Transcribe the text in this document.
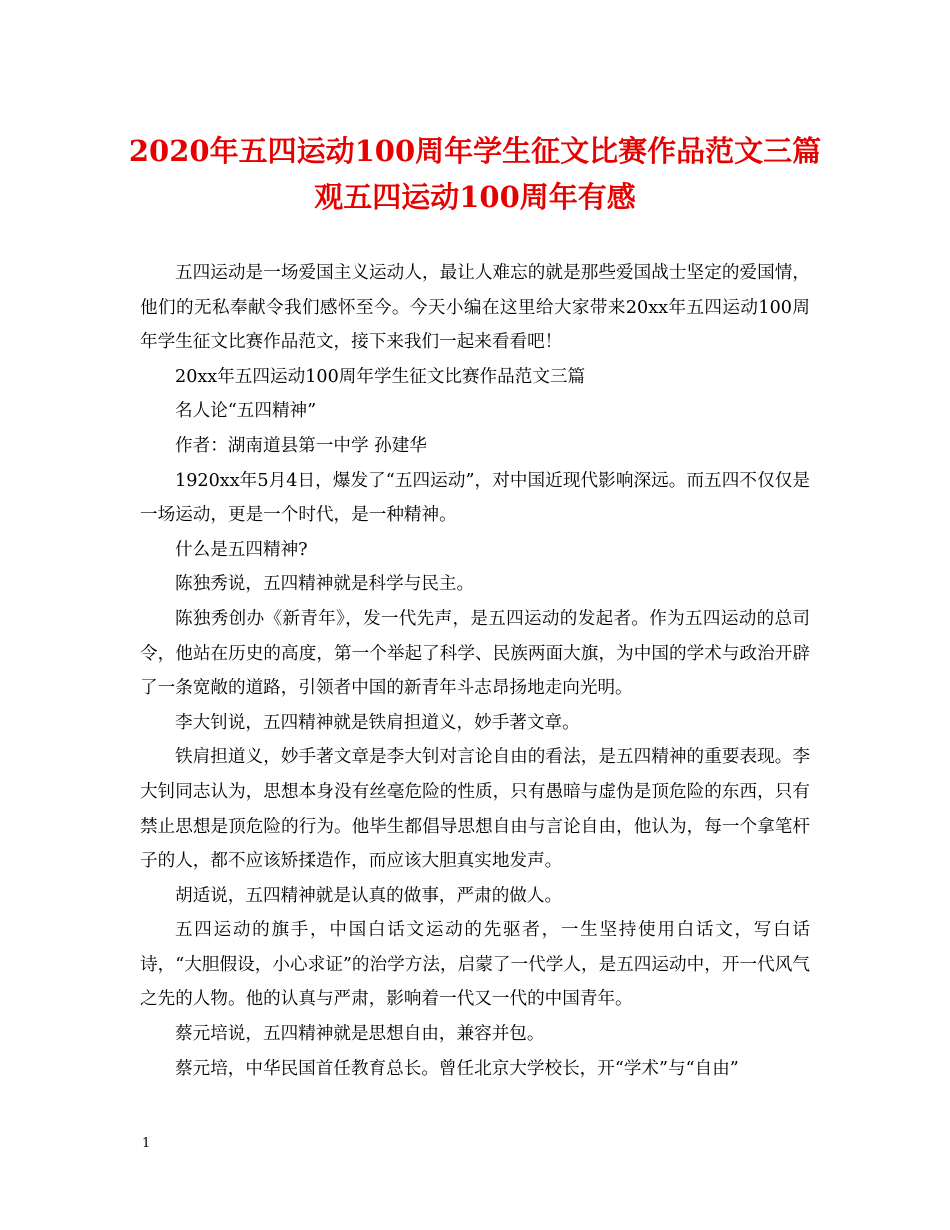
2020年五四运动100周年学生征文比赛作品范文三篇
观五四运动100周年有感

五四运动是一场爱国主义运动人，最让人难忘的就是那些爱国战士坚定的爱国情，他们的无私奉献令我们感怀至今。今天小编在这里给大家带来20xx年五四运动100周年学生征文比赛作品范文，接下来我们一起来看看吧！

20xx年五四运动100周年学生征文比赛作品范文三篇

名人论“五四精神”

作者：湖南道县第一中学 孙建华

1920xx年5月4日，爆发了“五四运动”，对中国近现代影响深远。而五四不仅仅是一场运动，更是一个时代，是一种精神。

什么是五四精神?

陈独秀说，五四精神就是科学与民主。

陈独秀创办《新青年》，发一代先声，是五四运动的发起者。作为五四运动的总司令，他站在历史的高度，第一个举起了科学、民族两面大旗，为中国的学术与政治开辟了一条宽敞的道路，引领者中国的新青年斗志昂扬地走向光明。

李大钊说，五四精神就是铁肩担道义，妙手著文章。

铁肩担道义，妙手著文章是李大钊对言论自由的看法，是五四精神的重要表现。李大钊同志认为，思想本身没有丝毫危险的性质，只有愚暗与虚伪是顶危险的东西，只有禁止思想是顶危险的行为。他毕生都倡导思想自由与言论自由，他认为，每一个拿笔杆子的人，都不应该矫揉造作，而应该大胆真实地发声。

胡适说，五四精神就是认真的做事，严肃的做人。

五四运动的旗手，中国白话文运动的先驱者，一生坚持使用白话文，写白话诗，“大胆假设，小心求证”的治学方法，启蒙了一代学人，是五四运动中，开一代风气之先的人物。他的认真与严肃，影响着一代又一代的中国青年。

蔡元培说，五四精神就是思想自由，兼容并包。

蔡元培，中华民国首任教育总长。曾任北京大学校长，开“学术”与“自由”

1
